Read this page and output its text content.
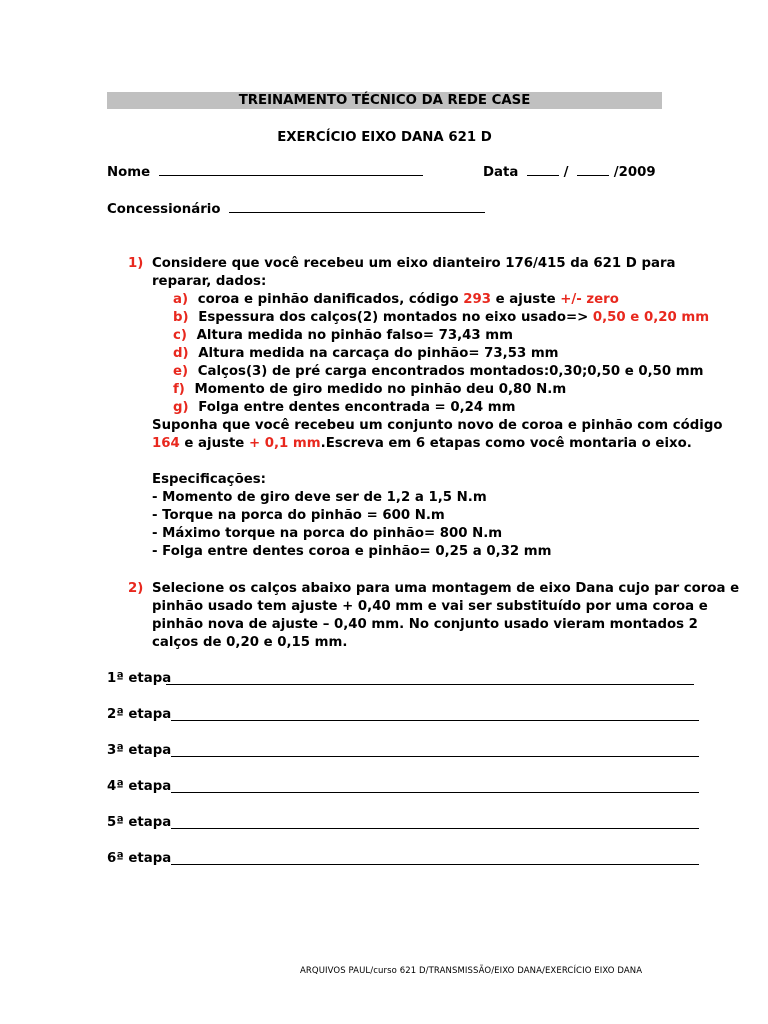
TREINAMENTO TÉCNICO DA REDE CASE
EXERCÍCIO EIXO DANA 621 D
Nome	Data	/	/2009
Concessionário
1) Considere que você recebeu um eixo dianteiro 176/415 da 621 D para
reparar, dados:
a) coroa e pinhão danificados, código 293 e ajuste +/- zero
b) Espessura dos calços(2) montados no eixo usado=> 0,50 e 0,20 mm
c) Altura medida no pinhão falso= 73,43 mm
d) Altura medida na carcaça do pinhão= 73,53 mm
e) Calços(3) de pré carga encontrados montados:0,30;0,50 e 0,50 mm
f) Momento de giro medido no pinhão deu 0,80 N.m
g) Folga entre dentes encontrada = 0,24 mm
Suponha que você recebeu um conjunto novo de coroa e pinhão com código
164 e ajuste + 0,1 mm.Escreva em 6 etapas como você montaria o eixo.
Especificações:
- Momento de giro deve ser de 1,2 a 1,5 N.m
- Torque na porca do pinhão = 600 N.m
- Máximo torque na porca do pinhão= 800 N.m
- Folga entre dentes coroa e pinhão= 0,25 a 0,32 mm
2) Selecione os calços abaixo para uma montagem de eixo Dana cujo par coroa e
pinhão usado tem ajuste + 0,40 mm e vai ser substituído por uma coroa e
pinhão nova de ajuste – 0,40 mm. No conjunto usado vieram montados 2
calços de 0,20 e 0,15 mm.
1ª etapa
2ª etapa
3ª etapa
4ª etapa
5ª etapa
6ª etapa
ARQUIVOS PAUL/curso 621 D/TRANSMISSÃO/EIXO DANA/EXERCÍCIO EIXO DANA
